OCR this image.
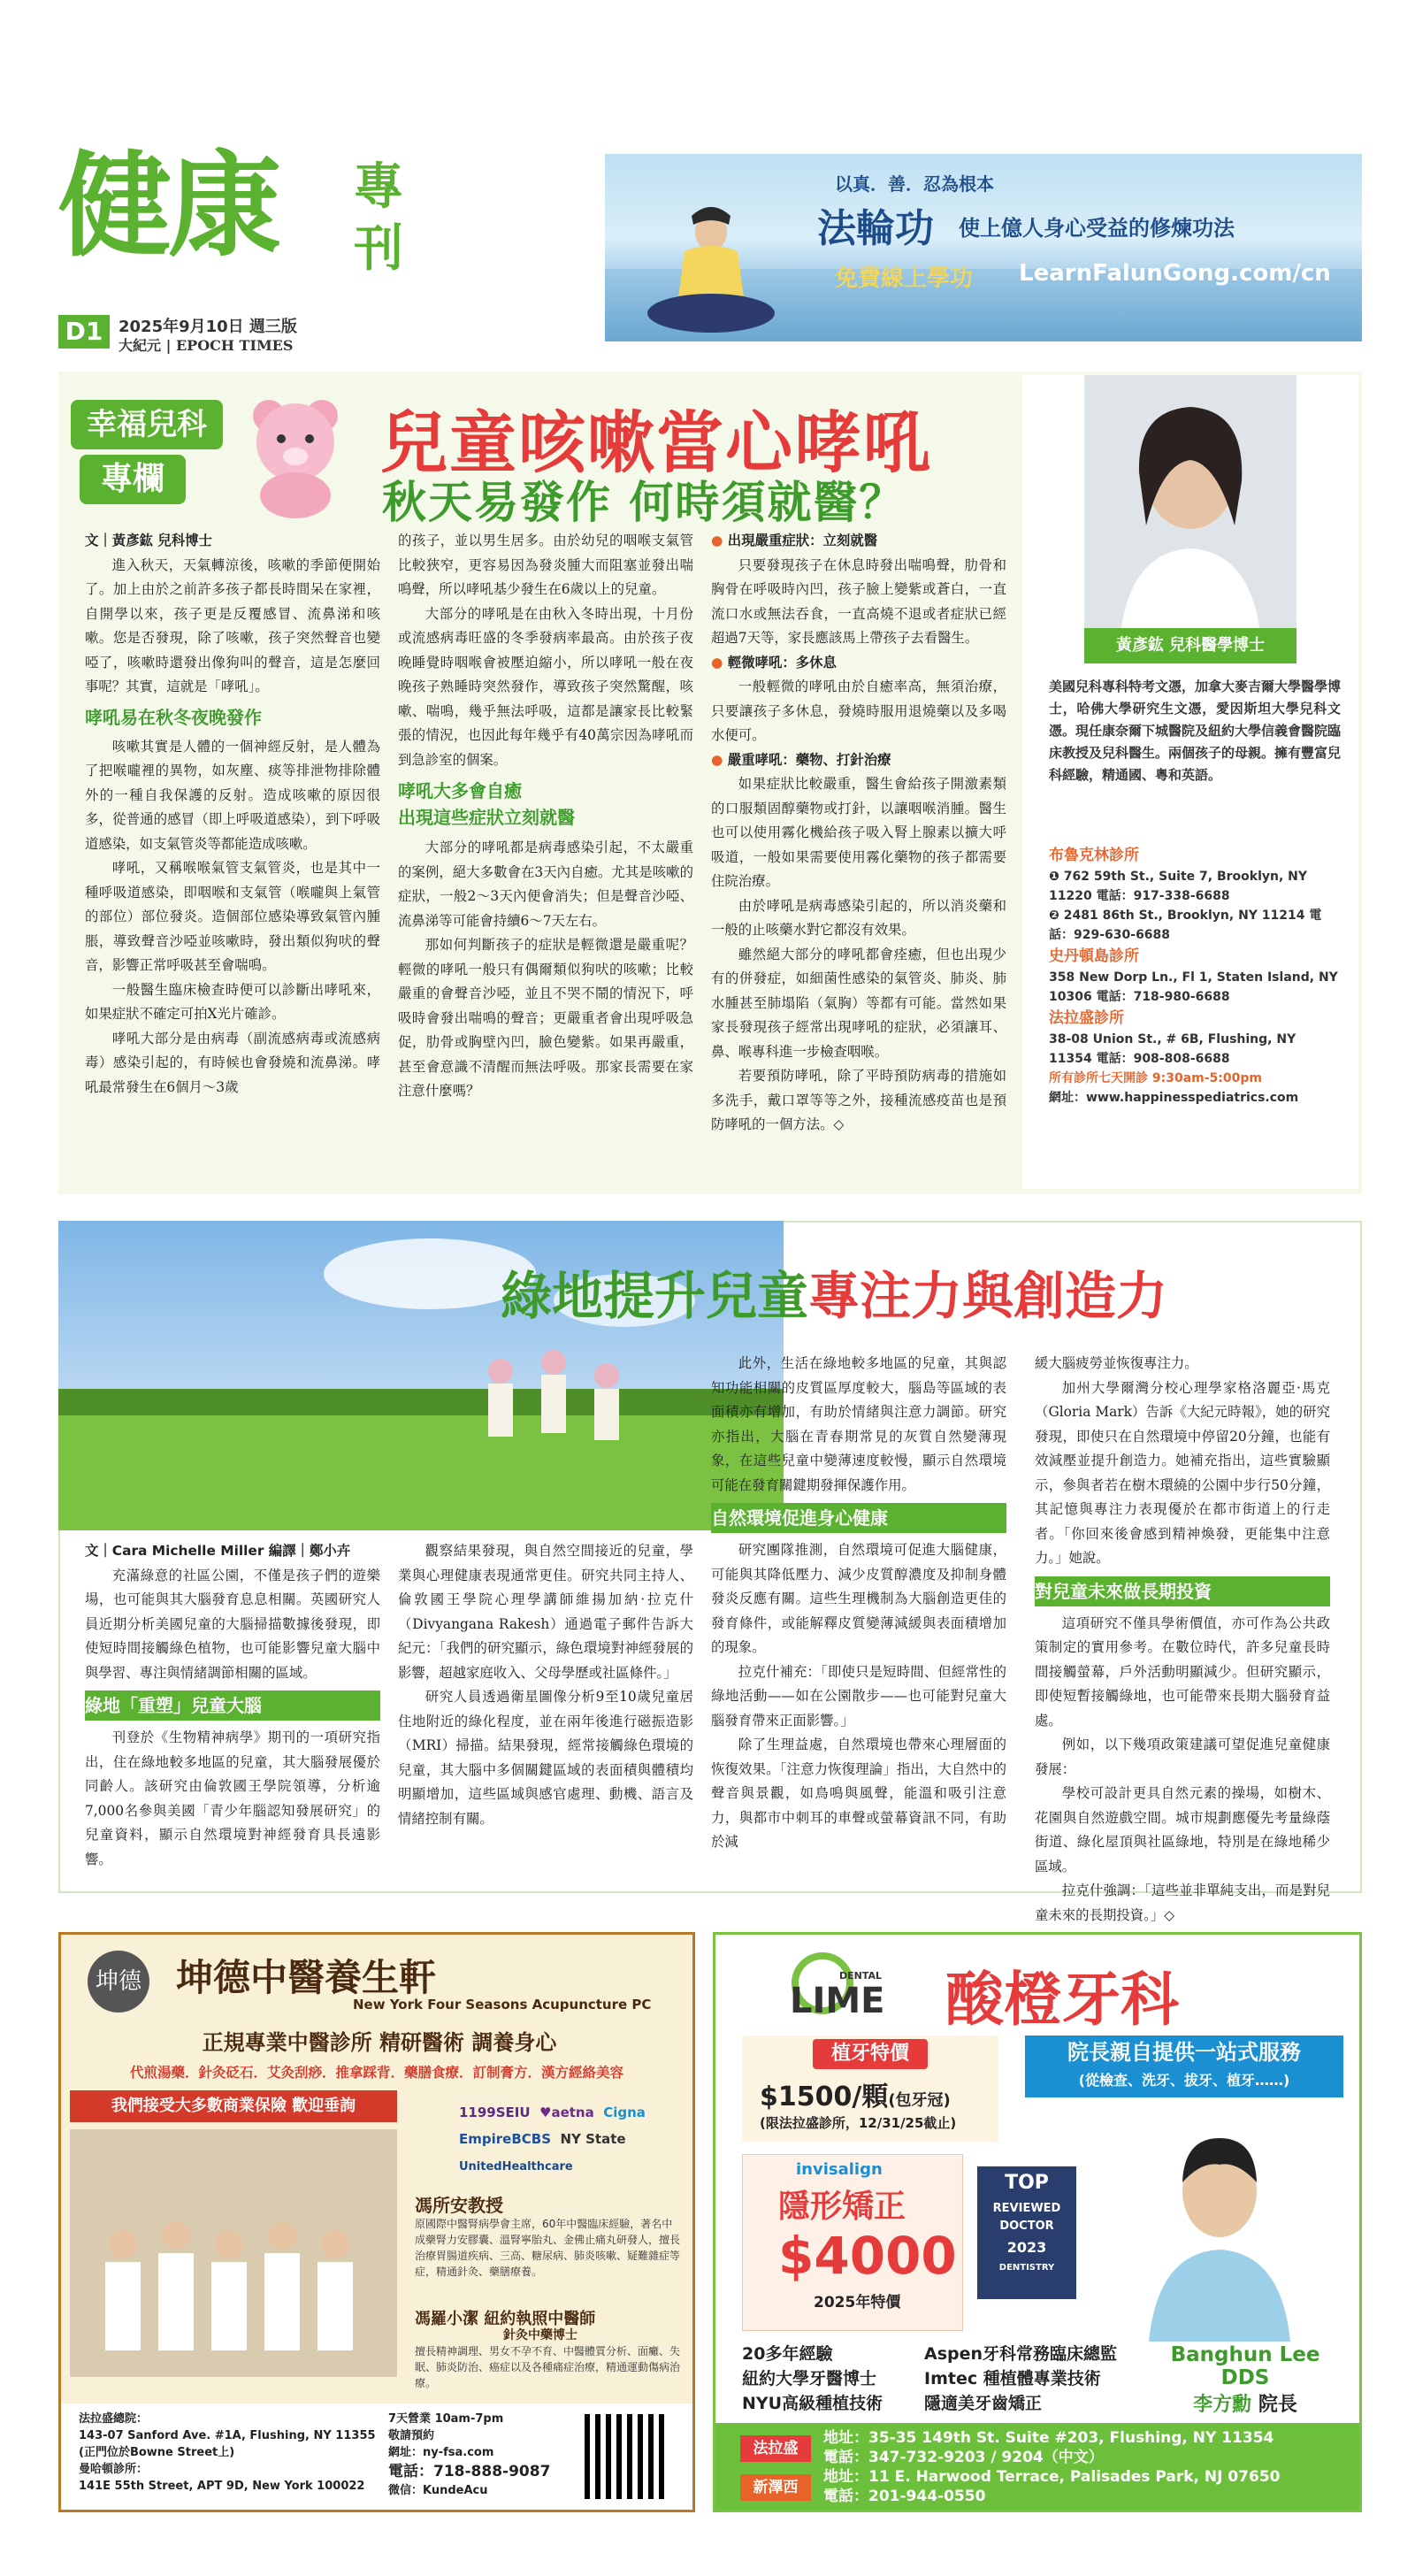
健康 專
刊
D1 2025年9月10日 週三版
大紀元 | EPOCH TIMES
以真．善．忍為根本
法輪功 使上億人身心受益的修煉功法
免費線上學功 LearnFalunGong.com/cn
幸福兒科
專欄	兒童咳嗽當心哮吼
秋天易發作 何時須就醫？

文｜黃彥鈜 兒科博士

進入秋天，天氣轉涼後，咳嗽的季節便開始了。加上由於之前許多孩子都長時間呆在家裡，自開學以來，孩子更是反覆感冒、流鼻涕和咳嗽。您是否發現，除了咳嗽，孩子突然聲音也變啞了，咳嗽時還發出像狗叫的聲音，這是怎麼回事呢？其實，這就是「哮吼」。

哮吼易在秋冬夜晚發作

咳嗽其實是人體的一個神經反射，是人體為了把喉嚨裡的異物，如灰塵、痰等排泄物排除體外的一種自我保護的反射。造成咳嗽的原因很多，從普通的感冒（即上呼吸道感染），到下呼吸道感染，如支氣管炎等都能造成咳嗽。

哮吼，又稱喉喉氣管支氣管炎，也是其中一種呼吸道感染，即咽喉和支氣管（喉嚨與上氣管的部位）部位發炎。造個部位感染導致氣管內腫脹，導致聲音沙啞並咳嗽時，發出類似狗吠的聲音，影響正常呼吸甚至會喘鳴。

一般醫生臨床檢查時便可以診斷出哮吼來，如果症狀不確定可拍X光片確診。

哮吼大部分是由病毒（副流感病毒或流感病毒）感染引起的，有時候也會發燒和流鼻涕。哮吼最常發生在6個月～3歲

的孩子，並以男生居多。由於幼兒的咽喉支氣管比較狹窄，更容易因為發炎腫大而阻塞並發出喘鳴聲，所以哮吼基少發生在6歲以上的兒童。

大部分的哮吼是在由秋入冬時出現，十月份或流感病毒旺盛的冬季發病率最高。由於孩子夜晚睡覺時咽喉會被壓迫縮小，所以哮吼一般在夜晚孩子熟睡時突然發作，導致孩子突然驚醒，咳嗽、喘鳴，幾乎無法呼吸，這都是讓家長比較緊張的情況，也因此每年幾乎有40萬宗因為哮吼而到急診室的個案。

哮吼大多會自癒

出現這些症狀立刻就醫

大部分的哮吼都是病毒感染引起，不太嚴重的案例，絕大多數會在3天內自癒。尤其是咳嗽的症狀，一般2～3天內便會消失；但是聲音沙啞、流鼻涕等可能會持續6～7天左右。

那如何判斷孩子的症狀是輕微還是嚴重呢？輕微的哮吼一般只有偶爾類似狗吠的咳嗽；比較嚴重的會聲音沙啞，並且不哭不鬧的情況下，呼吸時會發出喘鳴的聲音；更嚴重者會出現呼吸急促，肋骨或胸壁內凹，臉色變紫。如果再嚴重，甚至會意識不清醒而無法呼吸。那家長需要在家注意什麼嗎？

● 出現嚴重症狀：立刻就醫

只要發現孩子在休息時發出喘鳴聲，肋骨和胸骨在呼吸時內凹，孩子臉上變紫或蒼白，一直流口水或無法吞食，一直高燒不退或者症狀已經超過7天等，家長應該馬上帶孩子去看醫生。

● 輕微哮吼：多休息

一般輕微的哮吼由於自癒率高，無須治療，只要讓孩子多休息，發燒時服用退燒藥以及多喝水便可。

● 嚴重哮吼：藥物、打針治療

如果症狀比較嚴重，醫生會給孩子開激素類的口服類固醇藥物或打針，以讓咽喉消腫。醫生也可以使用霧化機給孩子吸入腎上腺素以擴大呼吸道，一般如果需要使用霧化藥物的孩子都需要住院治療。

由於哮吼是病毒感染引起的，所以消炎藥和一般的止咳藥水對它都沒有效果。

雖然絕大部分的哮吼都會痊癒，但也出現少有的併發症，如細菌性感染的氣管炎、肺炎、肺水腫甚至肺塌陷（氣胸）等都有可能。當然如果家長發現孩子經常出現哮吼的症狀，必須讓耳、鼻、喉專科進一步檢查咽喉。

若要預防哮吼，除了平時預防病毒的措施如多洗手，戴口罩等等之外，接種流感疫苗也是預防哮吼的一個方法。◇

黃彥鈜 兒科醫學博士
美國兒科專科特考文憑，加拿大麥吉爾大學醫學博士，哈佛大學研究生文憑，愛因斯坦大學兒科文憑。現任康奈爾下城醫院及紐約大學信義會醫院臨床教授及兒科醫生。兩個孩子的母親。擁有豐富兒科經驗，精通國、粵和英語。
布魯克林診所
❶ 762 59th St., Suite 7, Brooklyn, NY 11220 電話：917-338-6688
❷ 2481 86th St., Brooklyn, NY 11214 電話：929-630-6688
史丹頓島診所
358 New Dorp Ln., Fl 1, Staten Island, NY 10306 電話：718-980-6688
法拉盛診所
38-08 Union St., # 6B, Flushing, NY 11354 電話：908-808-6688
所有診所七天開診 9:30am-5:00pm
網址：www.happinesspediatrics.com
綠地提升兒童專注力與創造力

文｜Cara Michelle Miller 編譯｜鄭小卉

充滿綠意的社區公園，不僅是孩子們的遊樂場，也可能與其大腦發育息息相關。英國研究人員近期分析美國兒童的大腦掃描數據後發現，即使短時間接觸綠色植物，也可能影響兒童大腦中與學習、專注與情緒調節相關的區域。

綠地「重塑」兒童大腦

刊登於《生物精神病學》期刊的一項研究指出，住在綠地較多地區的兒童，其大腦發展優於同齡人。該研究由倫敦國王學院領導，分析逾7,000名參與美國「青少年腦認知發展研究」的兒童資料，顯示自然環境對神經發育具長遠影響。

觀察結果發現，與自然空間接近的兒童，學業與心理健康表現通常更佳。研究共同主持人、倫敦國王學院心理學講師維揚加納·拉克什（Divyangana Rakesh）通過電子郵件告訴大紀元：「我們的研究顯示，綠色環境對神經發展的影響，超越家庭收入、父母學歷或社區條件。」

研究人員透過衛星圖像分析9至10歲兒童居住地附近的綠化程度，並在兩年後進行磁振造影（MRI）掃描。結果發現，經常接觸綠色環境的兒童，其大腦中多個關鍵區域的表面積與體積均明顯增加，這些區域與感官處理、動機、語言及情緒控制有關。

此外，生活在綠地較多地區的兒童，其與認知功能相關的皮質區厚度較大，腦島等區域的表面積亦有增加，有助於情緒與注意力調節。研究亦指出，大腦在青春期常見的灰質自然變薄現象，在這些兒童中變薄速度較慢，顯示自然環境可能在發育關鍵期發揮保護作用。

自然環境促進身心健康

研究團隊推測，自然環境可促進大腦健康，可能與其降低壓力、減少皮質醇濃度及抑制身體發炎反應有關。這些生理機制為大腦創造更佳的發育條件，或能解釋皮質變薄減緩與表面積增加的現象。

拉克什補充：「即使只是短時間、但經常性的綠地活動——如在公園散步——也可能對兒童大腦發育帶來正面影響。」

除了生理益處，自然環境也帶來心理層面的恢復效果。「注意力恢復理論」指出，大自然中的聲音與景觀，如鳥鳴與風聲，能溫和吸引注意力，與都市中刺耳的車聲或螢幕資訊不同，有助於減

緩大腦疲勞並恢復專注力。

加州大學爾灣分校心理學家格洛麗亞·馬克（Gloria Mark）告訴《大紀元時報》，她的研究發現，即使只在自然環境中停留20分鐘，也能有效減壓並提升創造力。她補充指出，這些實驗顯示，參與者若在樹木環繞的公園中步行50分鐘，其記憶與專注力表現優於在都市街道上的行走者。「你回來後會感到精神煥發，更能集中注意力。」她說。

對兒童未來做長期投資

這項研究不僅具學術價值，亦可作為公共政策制定的實用參考。在數位時代，許多兒童長時間接觸螢幕，戶外活動明顯減少。但研究顯示，即使短暫接觸綠地，也可能帶來長期大腦發育益處。

例如，以下幾項政策建議可望促進兒童健康發展：

學校可設計更具自然元素的操場，如樹木、花園與自然遊戲空間。城市規劃應優先考量綠蔭街道、綠化屋頂與社區綠地，特別是在綠地稀少區域。

拉克什強調：「這些並非單純支出，而是對兒童未來的長期投資。」◇

坤德 坤德中醫養生軒
New York Four Seasons Acupuncture PC
正規專業中醫診所 精研醫術 調養身心
代煎湯藥．針灸砭石．艾灸刮痧．推拿踩背．藥膳食療．訂制膏方．漢方經絡美容
我們接受大多數商業保險 歡迎垂詢	1199SEIU ♥aetna Cigna
EmpireBCBS NY State  UnitedHealthcare
馮所安教授
原國際中醫腎病學會主席，60年中醫臨床經驗，著名中成藥腎力安膠囊、溫腎寧胎丸、金佛止痛丸研發人，擅長治療胃腸道疾病、三高、糖尿病、肺炎咳嗽、疑難雜症等症，精通針灸、藥膳療養。
馮羅小潔 紐約執照中醫師
針灸中藥博士
擅長精神調理、男女不孕不育、中醫體質分析、面癱、失眠、肺炎防治、癌症以及各種痛症治療，精通運動傷病治療。
法拉盛總院：
143-07 Sanford Ave. #1A, Flushing, NY 11355
(正門位於Bowne Street上)
曼哈頓診所：
141E 55th Street, APT 9D, New York 100022
7天營業 10am-7pm
敬請預約
網址：ny-fsa.com
電話：718-888-9087
微信：KundeAcu
DENTAL
LIME 酸橙牙科
植牙特價
$1500/顆(包牙冠)
(限法拉盛診所，12/31/25截止)
院長親自提供一站式服務
(從檢查、洗牙、拔牙、植牙……)
invisalign
隱形矯正
$4000
2025年特價
TOP
REVIEWED
DOCTOR
2023
DENTISTRY
20多年經驗
紐約大學牙醫博士
NYU高級種植技術
Aspen牙科常務臨床總監
Imtec 種植體專業技術
隱適美牙齒矯正
Banghun Lee DDS
李方勳 院長
法拉盛
地址：35-35 149th St. Suite #203, Flushing, NY 11354
電話：347-732-9203 / 9204（中文）
新澤西
地址：11 E. Harwood Terrace, Palisades Park, NJ 07650
電話：201-944-0550
